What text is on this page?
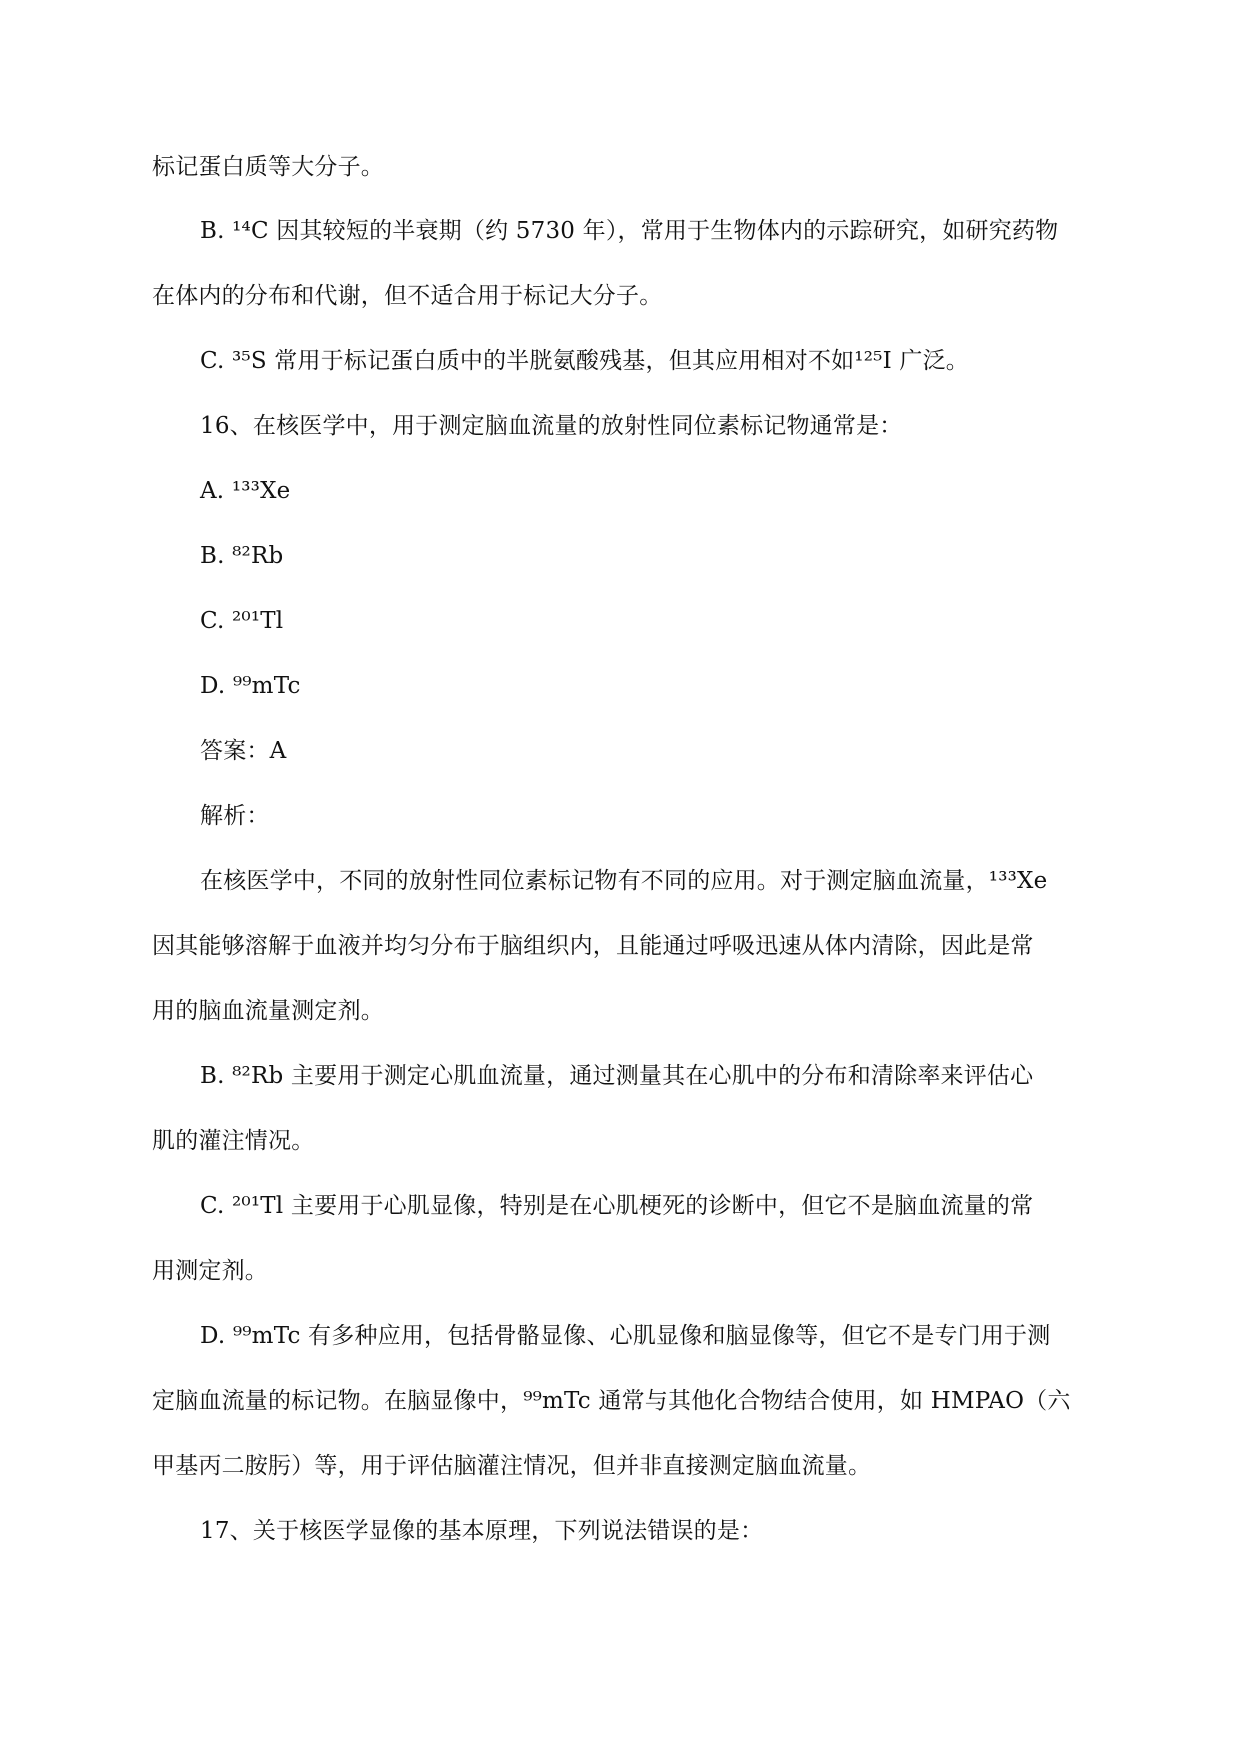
标记蛋白质等大分子。
B. ¹⁴C 因其较短的半衰期（约 5730 年），常用于生物体内的示踪研究，如研究药物
在体内的分布和代谢，但不适合用于标记大分子。
C. ³⁵S 常用于标记蛋白质中的半胱氨酸残基，但其应用相对不如¹²⁵I 广泛。
16、在核医学中，用于测定脑血流量的放射性同位素标记物通常是：
A. ¹³³Xe
B. ⁸²Rb
C. ²⁰¹Tl
D. ⁹⁹mTc
答案：A
解析：
在核医学中，不同的放射性同位素标记物有不同的应用。对于测定脑血流量，¹³³Xe
因其能够溶解于血液并均匀分布于脑组织内，且能通过呼吸迅速从体内清除，因此是常
用的脑血流量测定剂。
B. ⁸²Rb 主要用于测定心肌血流量，通过测量其在心肌中的分布和清除率来评估心
肌的灌注情况。
C. ²⁰¹Tl 主要用于心肌显像，特别是在心肌梗死的诊断中，但它不是脑血流量的常
用测定剂。
D. ⁹⁹mTc 有多种应用，包括骨骼显像、心肌显像和脑显像等，但它不是专门用于测
定脑血流量的标记物。在脑显像中，⁹⁹mTc 通常与其他化合物结合使用，如 HMPAO（六
甲基丙二胺肟）等，用于评估脑灌注情况，但并非直接测定脑血流量。
17、关于核医学显像的基本原理，下列说法错误的是：
